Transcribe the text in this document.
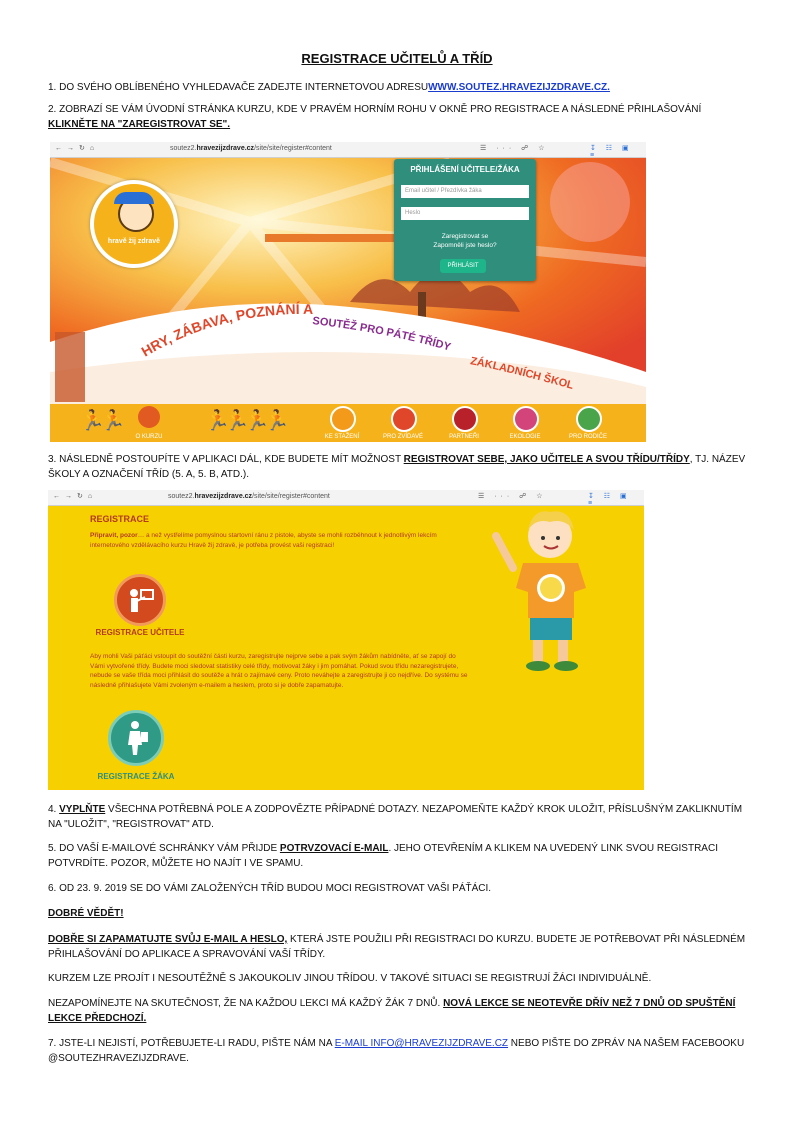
REGISTRACE UČITELŮ A TŘÍD
1. DO SVÉHO OBLÍBENÉHO VYHLEDAVAČE ZADEJTE INTERNETOVOU ADRESUWWW.SOUTEZ.HRAVEZIJZDRAVE.CZ.
2. ZOBRAZÍ SE VÁM ÚVODNÍ STRÁNKA KURZU, KDE V PRAVÉM HORNÍM ROHU V OKNĚ PRO REGISTRACE A NÁSLEDNÉ PŘIHLAŠOVÁNÍ KLIKNĚTE NA "ZAREGISTROVAT SE".
←→↻⌂	soutez2.hravezijzdrave.cz/site/site/register#content	☰ ··· ☍ ☆	↧ ☷ ▣ ≡
hravě žij zdravě
PŘIHLÁŠENÍ UČITELE/ŽÁKA
Email učitel / Přezdívka žáka
Heslo
Zaregistrovat se
Zapomněli jste heslo?
PŘIHLÁSIT
HRY, ZÁBAVA, POZNÁNÍ A
SOUTĚŽ PRO PÁTÉ TŘÍDY
ZÁKLADNÍCH ŠKOL
🏃🏃
O KURZU
🏃🏃🏃🏃
KE STAŽENÍ	PRO ZVÍDAVÉ	PARTNEŘI	EKOLOGIE	PRO RODIČE
3. NÁSLEDNĚ POSTOUPÍTE V APLIKACI DÁL, KDE BUDETE MÍT MOŽNOST REGISTROVAT SEBE, JAKO UČITELE A SVOU TŘÍDU/TŘÍDY, TJ. NÁZEV ŠKOLY A OZNAČENÍ TŘÍD (5. A, 5. B, ATD.).
←→↻⌂	soutez2.hravezijzdrave.cz/site/site/register#content	☰ ··· ☍ ☆	↧ ☷ ▣ ≡
REGISTRACE
Připravit, pozor… a než vystřelíme pomyslnou startovní ránu z pistole, abyste se mohli rozběhnout k jednotlivým lekcím internetového vzdělávacího kurzu Hravě žij zdravě, je potřeba provést vaši registraci!
REGISTRACE UČITELE
Aby mohli Vaši páťáci vstoupit do soutěžní části kurzu, zaregistrujte nejprve sebe a pak svým žákům nabídněte, ať se zapojí do Vámi vytvořené třídy. Budete moci sledovat statistiky celé třídy, motivovat žáky i jim pomáhat. Pokud svou třídu nezaregistrujete, nebude se vaše třída moci přihlásit do soutěže a hrát o zajímavé ceny. Proto neváhejte a zaregistrujte ji co nejdříve. Do systému se následně přihlašujete Vámi zvoleným e-mailem a heslem, proto si je dobře zapamatujte.
REGISTRACE ŽÁKA
4. VYPLŇTE VŠECHNA POTŘEBNÁ POLE A ZODPOVĚZTE PŘÍPADNÉ DOTAZY. NEZAPOMEŇTE KAŽDÝ KROK ULOŽIT, PŘÍSLUŠNÝM ZAKLIKNUTÍM NA "ULOŽIT", "REGISTROVAT" ATD.
5. DO VAŠÍ E-MAILOVÉ SCHRÁNKY VÁM PŘIJDE POTRVZOVACÍ E-MAIL. JEHO OTEVŘENÍM A KLIKEM NA UVEDENÝ LINK SVOU REGISTRACI POTVRDÍTE. POZOR, MŮŽETE HO NAJÍT I VE SPAMU.
6. OD 23. 9. 2019 SE DO VÁMI ZALOŽENÝCH TŘÍD BUDOU MOCI REGISTROVAT VAŠI PÁŤÁCI.
DOBRÉ VĚDĚT!
DOBŘE SI ZAPAMATUJTE SVŮJ E-MAIL A HESLO, KTERÁ JSTE POUŽILI PŘI REGISTRACI DO KURZU. BUDETE JE POTŘEBOVAT PŘI NÁSLEDNÉM PŘIHLAŠOVÁNÍ DO APLIKACE A SPRAVOVÁNÍ VAŠÍ TŘÍDY.
KURZEM LZE PROJÍT I NESOUTĚŽNĚ S JAKOUKOLIV JINOU TŘÍDOU. V TAKOVÉ SITUACI SE REGISTRUJÍ ŽÁCI INDIVIDUÁLNĚ.
NEZAPOMÍNEJTE NA SKUTEČNOST, ŽE NA KAŽDOU LEKCI MÁ KAŽDÝ ŽÁK 7 DNŮ. NOVÁ LEKCE SE NEOTEVŘE DŘÍV NEŽ 7 DNŮ OD SPUŠTĚNÍ LEKCE PŘEDCHOZÍ.
7. JSTE-LI NEJISTÍ, POTŘEBUJETE-LI RADU, PIŠTE NÁM NA E-MAIL INFO@HRAVEZIJZDRAVE.CZ NEBO PIŠTE DO ZPRÁV NA NAŠEM FACEBOOKU @SOUTEZHRAVEZIJZDRAVE.
